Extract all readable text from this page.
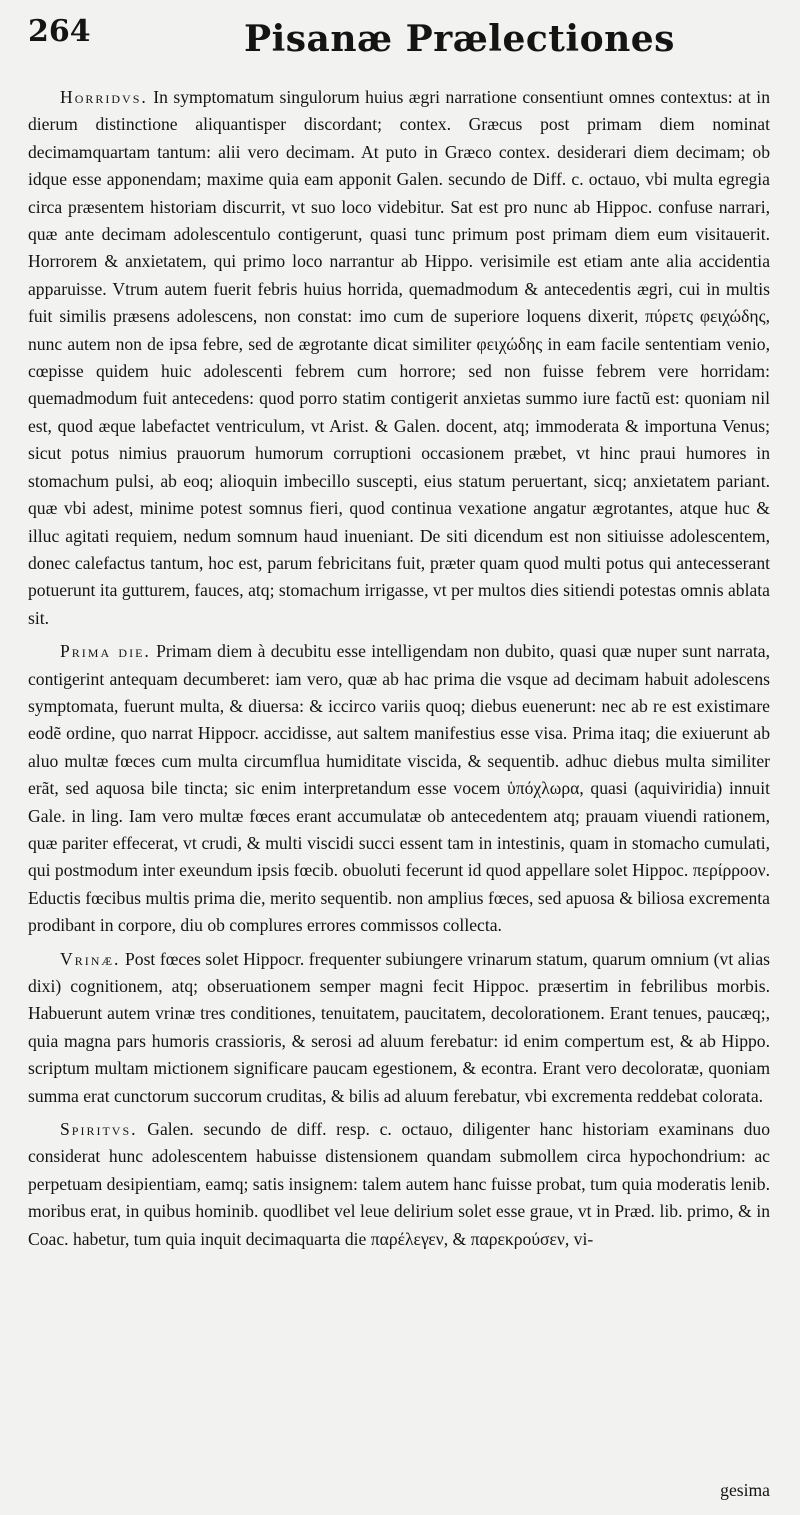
264	Pisanæ Prælectiones

Horridvs. In symptomatum singulorum huius ægri narratione consentiunt omnes contextus: at in dierum distinctione aliquantisper discordant; contex. Græcus post primam diem nominat decimamquartam tantum: alii vero decimam. At puto in Græco contex. desiderari diem decimam; ob idque esse apponendam; maxime quia eam apponit Galen. secundo de Diff. c. octauo, vbi multa egregia circa præsentem historiam discurrit, vt suo loco videbitur. Sat est pro nunc ab Hippoc. confuse narrari, quæ ante decimam adolescentulo contigerunt, quasi tunc primum post primam diem eum visitauerit. Horrorem & anxietatem, qui primo loco narrantur ab Hippo. verisimile est etiam ante alia accidentia apparuisse. Vtrum autem fuerit febris huius horrida, quemadmodum & antecedentis ægri, cui in multis fuit similis præsens adolescens, non constat: imo cum de superiore loquens dixerit, πύρετς φειχώδης, nunc autem non de ipsa febre, sed de ægrotante dicat similiter φειχώδης in eam facile sententiam venio, cœpisse quidem huic adolescenti febrem cum horrore; sed non fuisse febrem vere horridam: quemadmodum fuit antecedens: quod porro statim contigerit anxietas summo iure factũ est: quoniam nil est, quod æque labefactet ventriculum, vt Arist. & Galen. docent, atq; immoderata & importuna Venus; sicut potus nimius prauorum humorum corruptioni occasionem præbet, vt hinc praui humores in stomachum pulsi, ab eoq; alioquin imbecillo suscepti, eius statum peruertant, sicq; anxietatem pariant. quæ vbi adest, minime potest somnus fieri, quod continua vexatione angatur ægrotantes, atque huc & illuc agitati requiem, nedum somnum haud inueniant. De siti dicendum est non sitiuisse adolescentem, donec calefactus tantum, hoc est, parum febricitans fuit, præter quam quod multi potus qui antecesserant potuerunt ita gutturem, fauces, atq; stomachum irrigasse, vt per multos dies sitiendi potestas omnis ablata sit.

Prima die. Primam diem à decubitu esse intelligendam non dubito, quasi quæ nuper sunt narrata, contigerint antequam decumberet: iam vero, quæ ab hac prima die vsque ad decimam habuit adolescens symptomata, fuerunt multa, & diuersa: & iccirco variis quoq; diebus euenerunt: nec ab re est existimare eodẽ ordine, quo narrat Hippocr. accidisse, aut saltem manifestius esse visa. Prima itaq; die exiuerunt ab aluo multæ fœces cum multa circumflua humiditate viscida, & sequentib. adhuc diebus multa similiter erãt, sed aquosa bile tincta; sic enim interpretandum esse vocem ὑπόχλωρα, quasi (aquiviridia) innuit Gale. in ling. Iam vero multæ fœces erant accumulatæ ob antecedentem atq; prauam viuendi rationem, quæ pariter effecerat, vt crudi, & multi viscidi succi essent tam in intestinis, quam in stomacho cumulati, qui postmodum inter exeundum ipsis fœcib. obuoluti fecerunt id quod appellare solet Hippoc. περίρροον. Eductis fœcibus multis prima die, merito sequentib. non amplius fœces, sed apuosa & biliosa excrementa prodibant in corpore, diu ob complures errores commissos collecta.

Vrinæ. Post fœces solet Hippocr. frequenter subiungere vrinarum statum, quarum omnium (vt alias dixi) cognitionem, atq; obseruationem semper magni fecit Hippoc. præsertim in febrilibus morbis. Habuerunt autem vrinæ tres conditiones, tenuitatem, paucitatem, decolorationem. Erant tenues, paucæq;, quia magna pars humoris crassioris, & serosi ad aluum ferebatur: id enim compertum est, & ab Hippo. scriptum multam mictionem significare paucam egestionem, & econtra. Erant vero decoloratæ, quoniam summa erat cunctorum succorum cruditas, & bilis ad aluum ferebatur, vbi excrementa reddebat colorata.

Spiritvs. Galen. secundo de diff. resp. c. octauo, diligenter hanc historiam examinans duo considerat hunc adolescentem habuisse distensionem quandam submollem circa hypochondrium: ac perpetuam desipientiam, eamq; satis insignem: talem autem hanc fuisse probat, tum quia moderatis lenib. moribus erat, in quibus hominib. quodlibet vel leue delirium solet esse graue, vt in Præd. lib. primo, & in Coac. habetur, tum quia inquit decimaquarta die παρέλεγεν, & παρεκρούσεν, vi-

gesima
